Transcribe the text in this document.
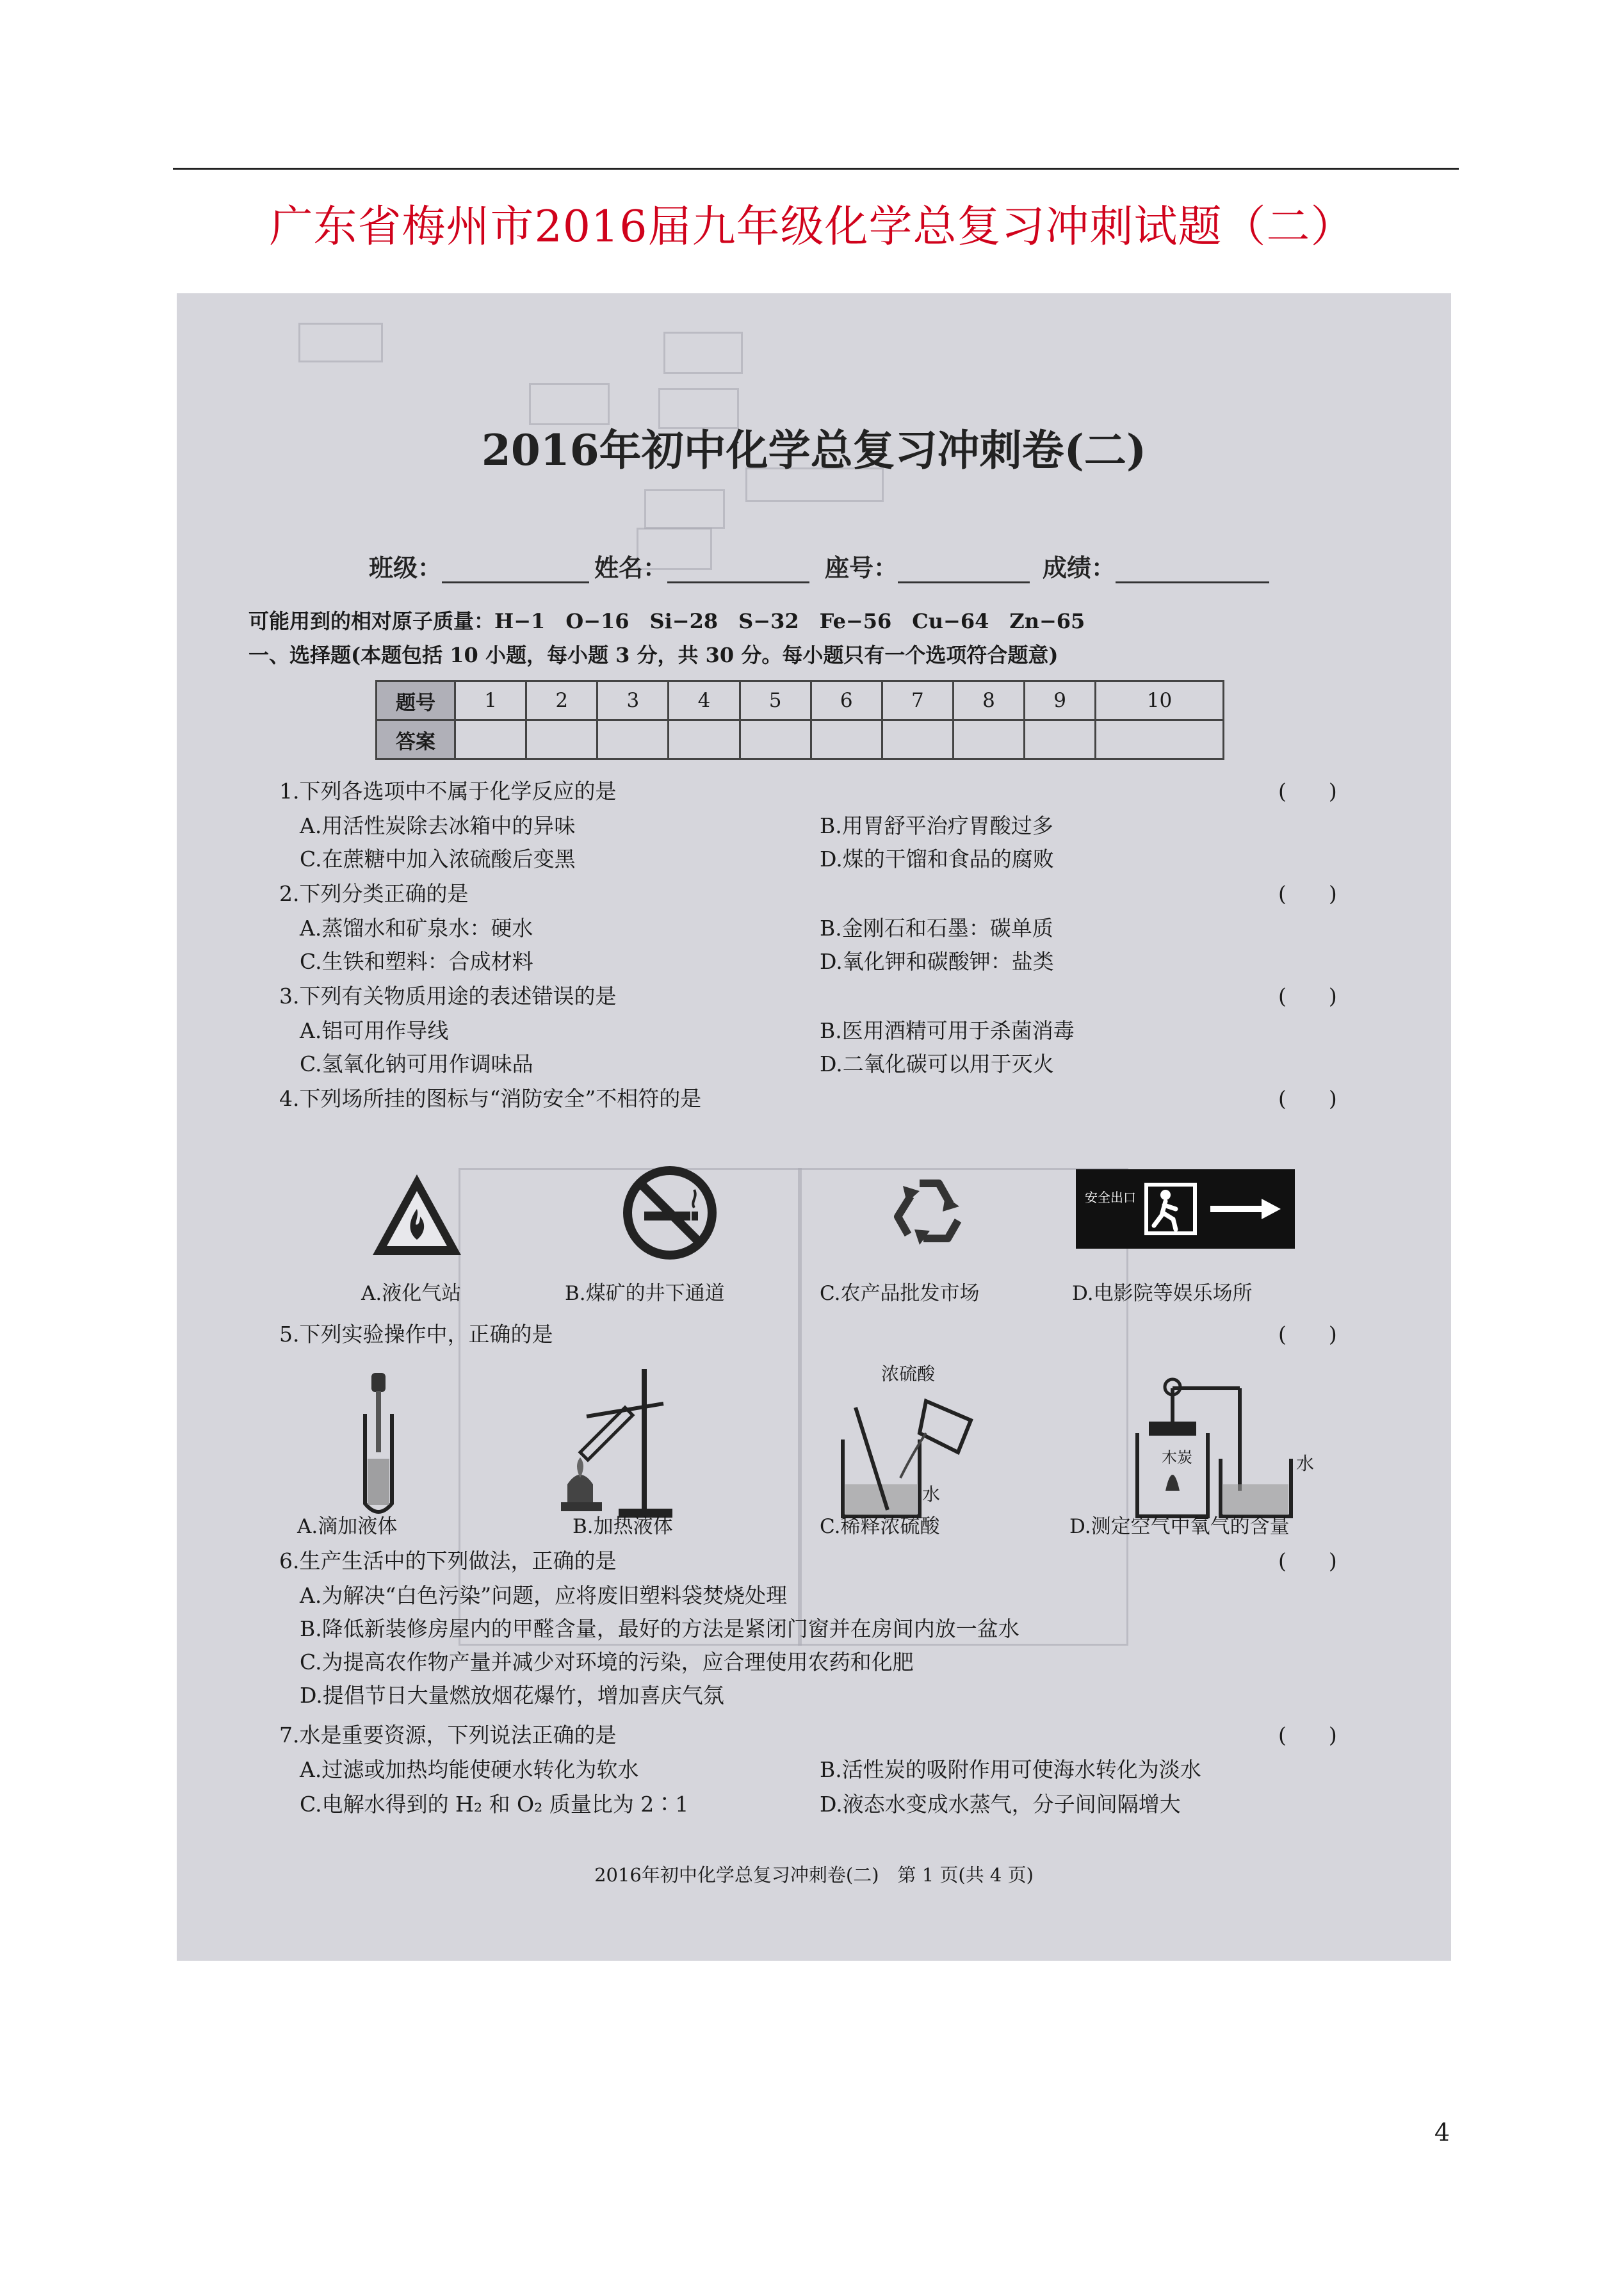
广东省梅州市2016届九年级化学总复习冲刺试题（二）
2016年初中化学总复习冲刺卷(二)
班级：	姓名：	座号：	成绩：
可能用到的相对原子质量：H−1　O−16　Si−28　S−32　Fe−56　Cu−64　Zn−65
一、选择题(本题包括 10 小题，每小题 3 分，共 30 分。每小题只有一个选项符合题意)
题号	1	2	3	4	5	6	7	8	9	10
答案										
1.下列各选项中不属于化学反应的是	(　　)
A.用活性炭除去冰箱中的异味	B.用胃舒平治疗胃酸过多
C.在蔗糖中加入浓硫酸后变黑	D.煤的干馏和食品的腐败
2.下列分类正确的是	(　　)
A.蒸馏水和矿泉水：硬水	B.金刚石和石墨：碳单质
C.生铁和塑料：合成材料	D.氧化钾和碳酸钾：盐类
3.下列有关物质用途的表述错误的是	(　　)
A.铝可用作导线	B.医用酒精可用于杀菌消毒
C.氢氧化钠可用作调味品	D.二氧化碳可以用于灭火
4.下列场所挂的图标与“消防安全”不相符的是	(　　)
安全出口
A.液化气站	B.煤矿的井下通道	C.农产品批发市场	D.电影院等娱乐场所
5.下列实验操作中，正确的是	(　　)
浓硫酸
水
木炭	水
A.滴加液体	B.加热液体	C.稀释浓硫酸	D.测定空气中氧气的含量
6.生产生活中的下列做法，正确的是	(　　)
A.为解决“白色污染”问题，应将废旧塑料袋焚烧处理
B.降低新装修房屋内的甲醛含量，最好的方法是紧闭门窗并在房间内放一盆水
C.为提高农作物产量并减少对环境的污染，应合理使用农药和化肥
D.提倡节日大量燃放烟花爆竹，增加喜庆气氛
7.水是重要资源，下列说法正确的是	(　　)
A.过滤或加热均能使硬水转化为软水	B.活性炭的吸附作用可使海水转化为淡水
C.电解水得到的 H₂ 和 O₂ 质量比为 2∶1	D.液态水变成水蒸气，分子间间隔增大
2016年初中化学总复习冲刺卷(二)　第 1 页(共 4 页)
4
